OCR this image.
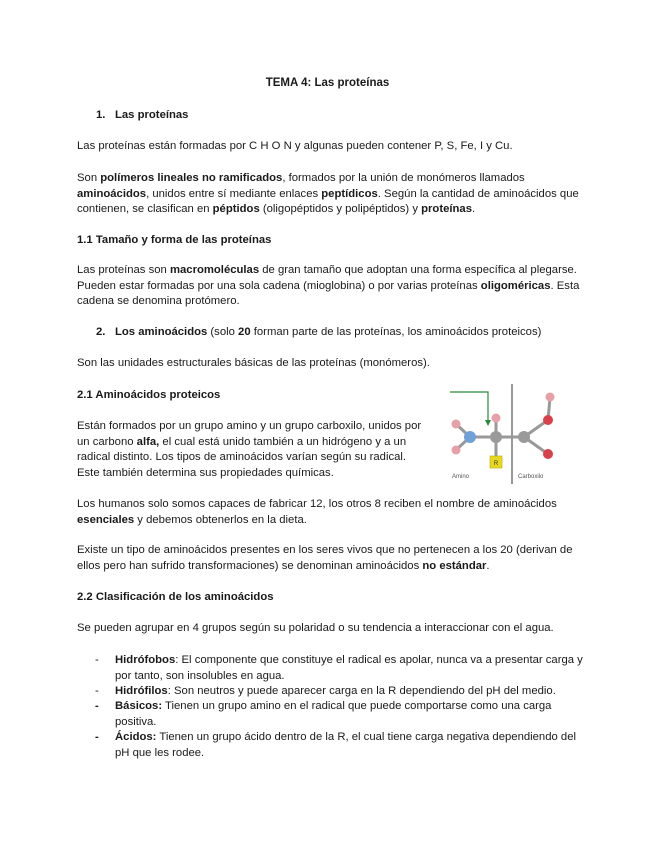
TEMA 4: Las proteínas
1. Las proteínas
Las proteínas están formadas por C H O N y algunas pueden contener P, S, Fe, I y Cu.
Son polímeros lineales no ramificados, formados por la unión de monómeros llamados aminoácidos, unidos entre sí mediante enlaces peptídicos. Según la cantidad de aminoácidos que contienen, se clasifican en péptidos (oligopéptidos y polipéptidos) y proteínas.
1.1 Tamaño y forma de las proteínas
Las proteínas son macromoléculas de gran tamaño que adoptan una forma específica al plegarse. Pueden estar formadas por una sola cadena (mioglobina) o por varias proteínas oligoméricas. Esta cadena se denomina protómero.
2. Los aminoácidos (solo 20 forman parte de las proteínas, los aminoácidos proteicos)
Son las unidades estructurales básicas de las proteínas (monómeros).
2.1 Aminoácidos proteicos
Están formados por un grupo amino y un grupo carboxilo, unidos por un carbono alfa, el cual está unido también a un hidrógeno y a un radical distinto. Los tipos de aminoácidos varían según su radical. Este también determina sus propiedades químicas.
R
Amino	Carboxilo
Los humanos solo somos capaces de fabricar 12, los otros 8 reciben el nombre de aminoácidos esenciales y debemos obtenerlos en la dieta.
Existe un tipo de aminoácidos presentes en los seres vivos que no pertenecen a los 20 (derivan de ellos pero han sufrido transformaciones) se denominan aminoácidos no estándar.
2.2 Clasificación de los aminoácidos
Se pueden agrupar en 4 grupos según su polaridad o su tendencia a interaccionar con el agua.
- Hidrófobos: El componente que constituye el radical es apolar, nunca va a presentar carga y por tanto, son insolubles en agua.
- Hidrófilos: Son neutros y puede aparecer carga en la R dependiendo del pH del medio.
- Básicos: Tienen un grupo amino en el radical que puede comportarse como una carga positiva.
- Ácidos: Tienen un grupo ácido dentro de la R, el cual tiene carga negativa dependiendo del pH que les rodee.
